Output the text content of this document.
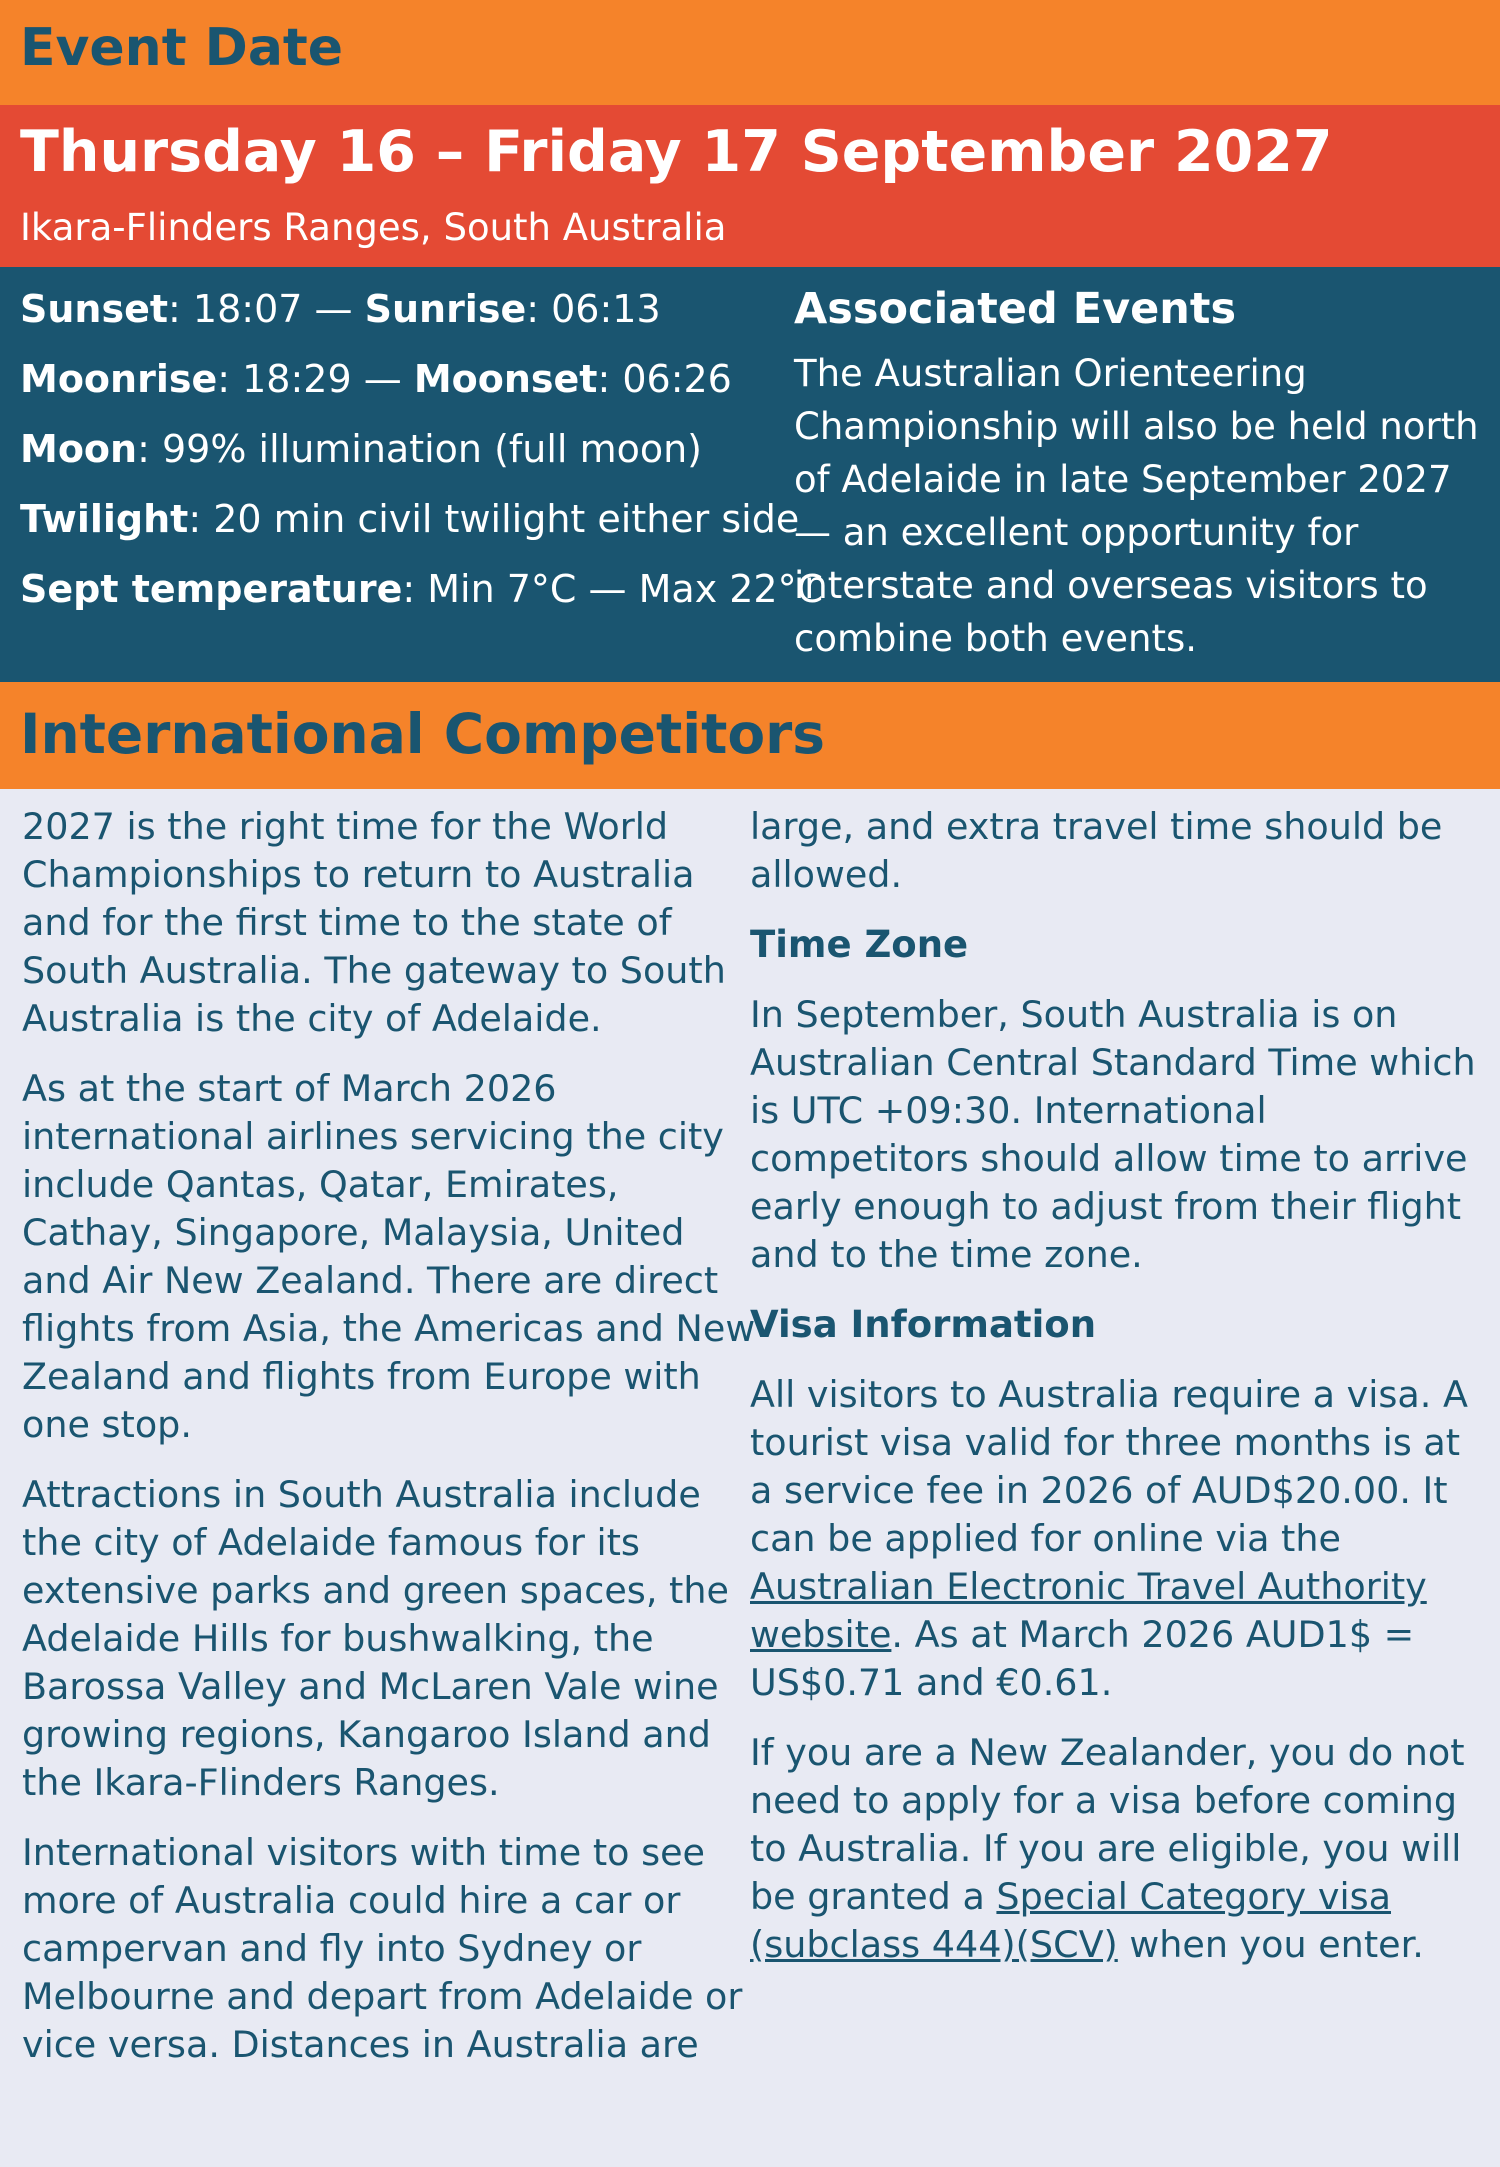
Event Date
Thursday 16 – Friday 17 September 2027
Ikara-Flinders Ranges, South Australia
Sunset: 18:07 — Sunrise: 06:13
Moonrise: 18:29 — Moonset: 06:26
Moon: 99% illumination (full moon)
Twilight: 20 min civil twilight either side
Sept temperature: Min 7°C — Max 22°C
Associated Events

The Australian Orienteering Championship will also be held north of Adelaide in late September 2027 — an excellent opportunity for interstate and overseas visitors to combine both events.

International Competitors

2027 is the right time for the World Championships to return to Australia and for the first time to the state of South Australia. The gateway to South Australia is the city of Adelaide.

As at the start of March 2026 international airlines servicing the city include Qantas, Qatar, Emirates, Cathay, Singapore, Malaysia, United and Air New Zealand. There are direct flights from Asia, the Americas and New Zealand and flights from Europe with one stop.

Attractions in South Australia include the city of Adelaide famous for its extensive parks and green spaces, the Adelaide Hills for bushwalking, the Barossa Valley and McLaren Vale wine growing regions, Kangaroo Island and the Ikara-Flinders Ranges.

International visitors with time to see more of Australia could hire a car or campervan and fly into Sydney or Melbourne and depart from Adelaide or vice versa. Distances in Australia are

large, and extra travel time should be allowed.

Time Zone

In September, South Australia is on Australian Central Standard Time which is UTC +09:30. International competitors should allow time to arrive early enough to adjust from their flight and to the time zone.

Visa Information

All visitors to Australia require a visa. A tourist visa valid for three months is at a service fee in 2026 of AUD$20.00. It can be applied for online via the Australian Electronic Travel Authority website. As at March 2026 AUD1$ = US$0.71 and €0.61.

If you are a New Zealander, you do not need to apply for a visa before coming to Australia. If you are eligible, you will be granted a Special Category visa (subclass 444)(SCV) when you enter.
